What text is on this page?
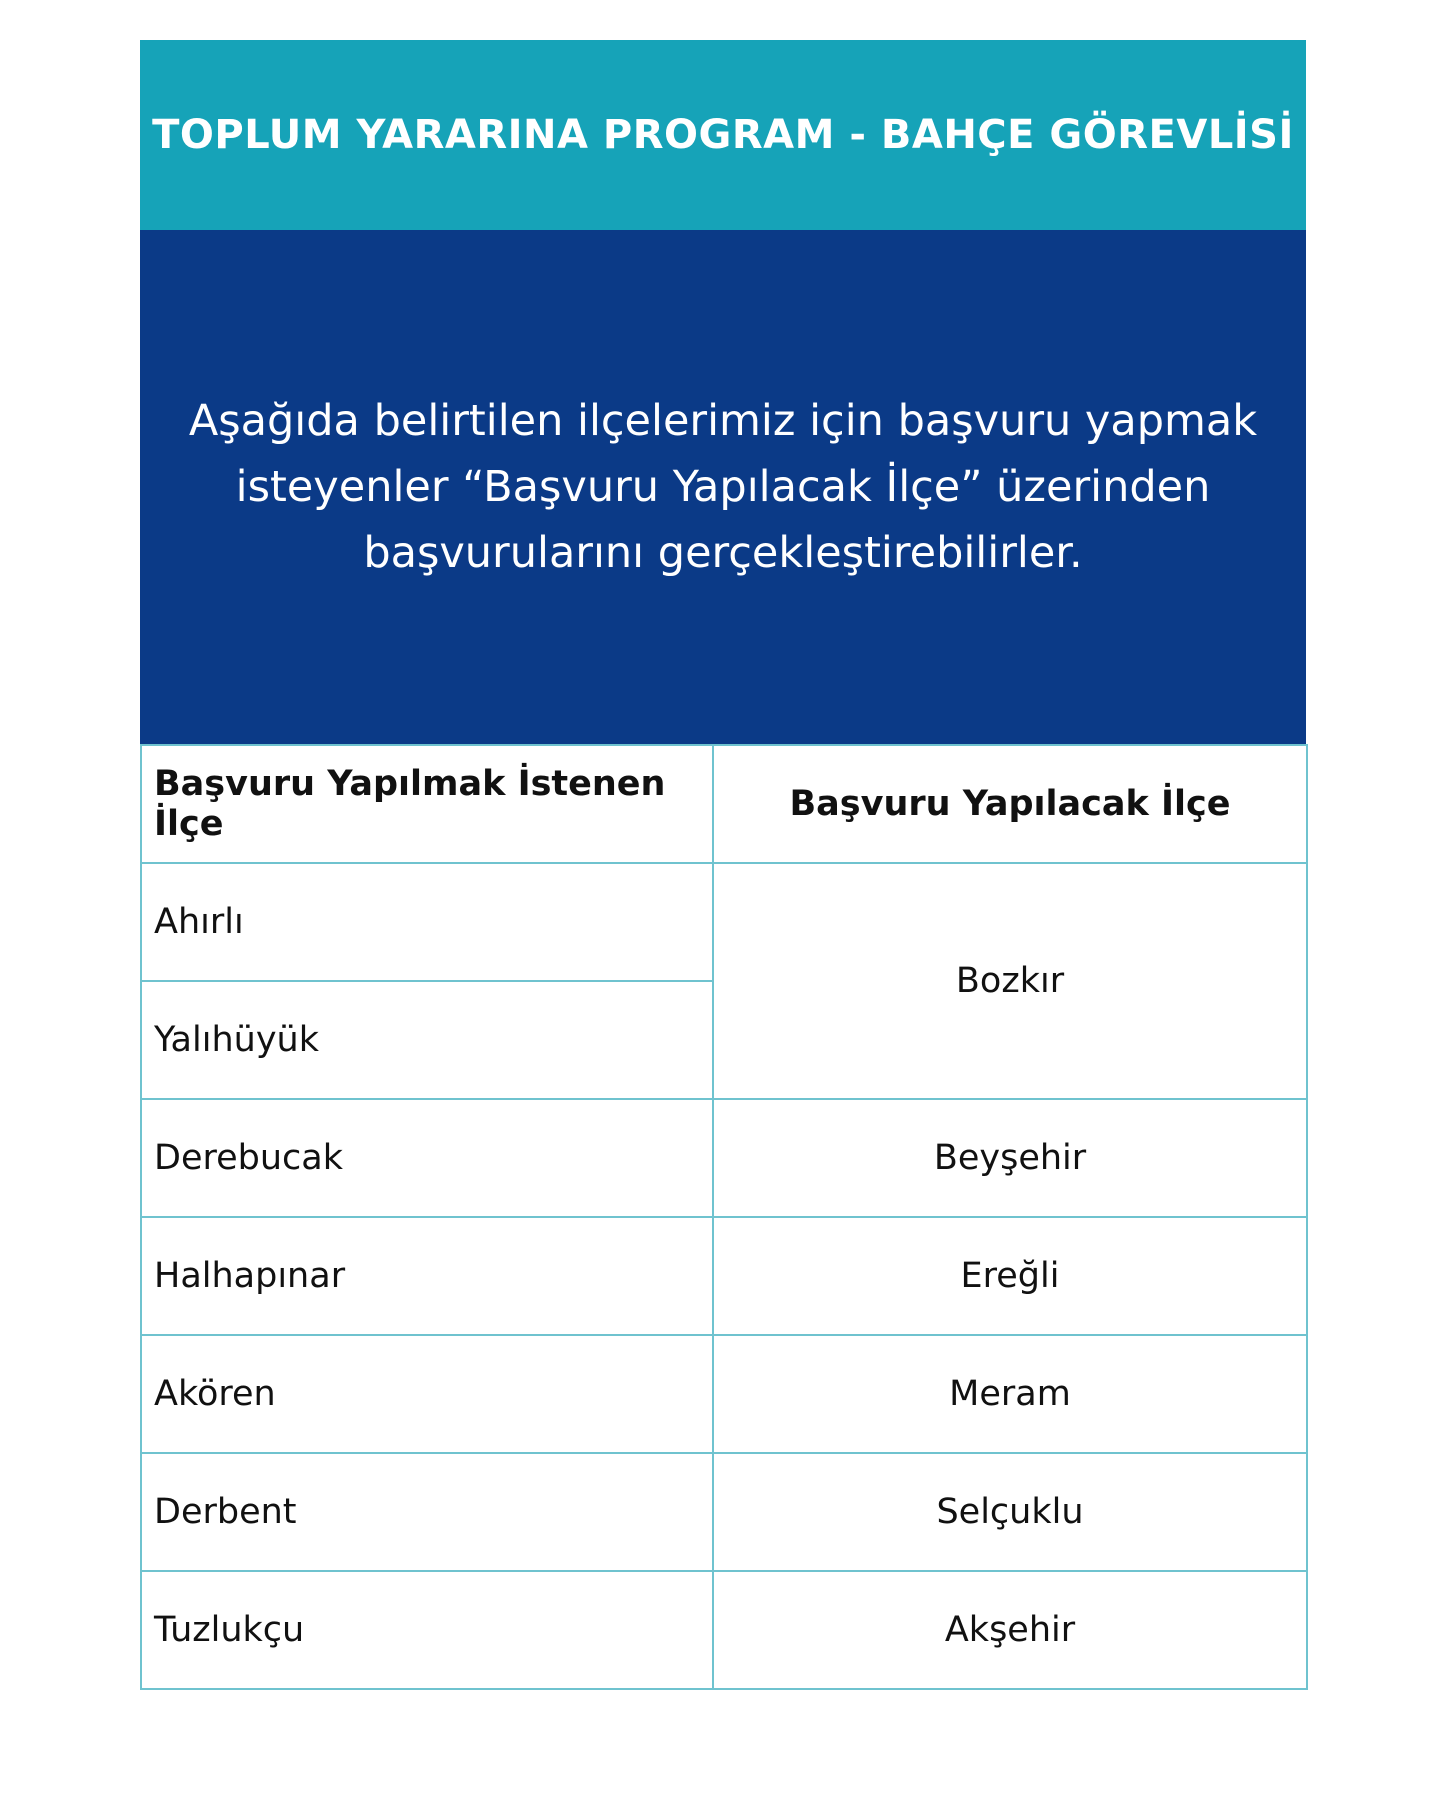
TOPLUM YARARINA PROGRAM - BAHÇE GÖREVLİSİ

Aşağıda belirtilen ilçelerimiz için başvuru yapmak isteyenler “Başvuru Yapılacak İlçe” üzerinden başvurularını gerçekleştirebilirler.

Başvuru Yapılmak İstenen İlçe	Başvuru Yapılacak İlçe
Ahırlı	Bozkır
Yalıhüyük	
Derebucak	Beyşehir
Halhapınar	Ereğli
Akören	Meram
Derbent	Selçuklu
Tuzlukçu	Akşehir
